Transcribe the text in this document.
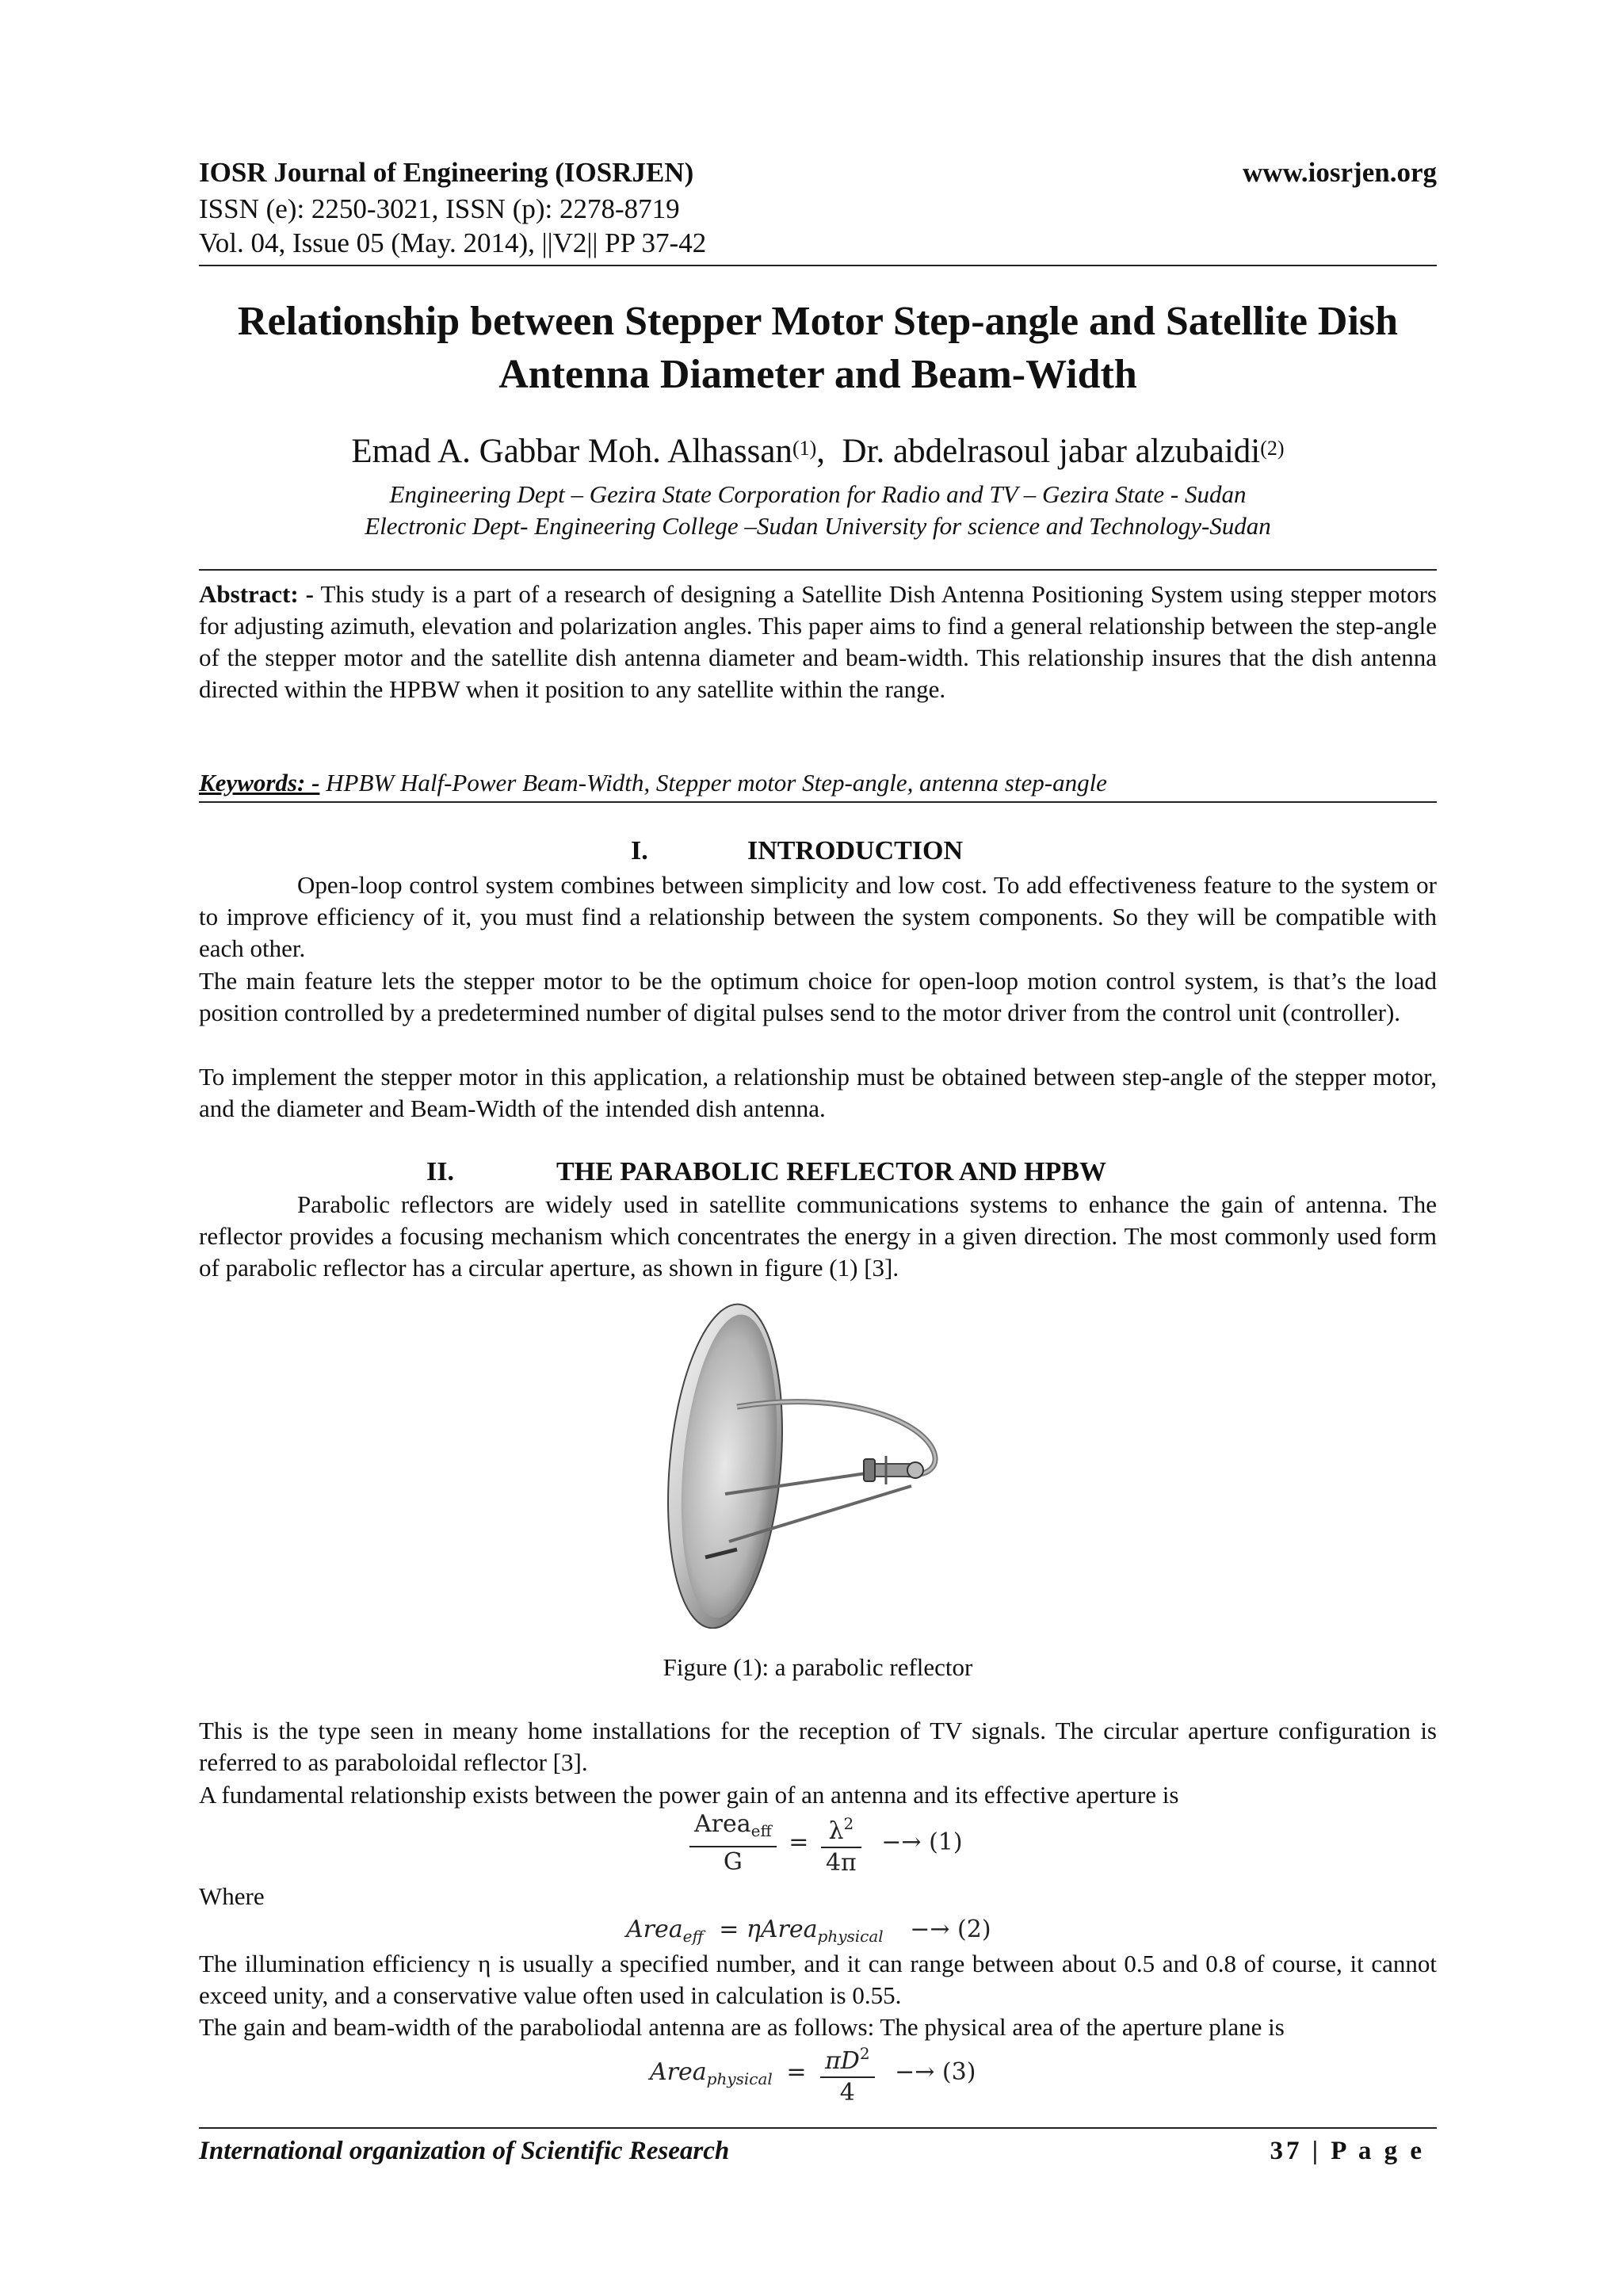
IOSR Journal of Engineering (IOSRJEN)	www.iosrjen.org
ISSN (e): 2250-3021, ISSN (p): 2278-8719
Vol. 04, Issue 05 (May. 2014), ||V2|| PP 37-42
Relationship between Stepper Motor Step-angle and Satellite Dish
Antenna Diameter and Beam-Width
Emad A. Gabbar Moh. Alhassan$^{(1)}$,  Dr. abdelrasoul jabar alzubaidi$^{(2)}$
Engineering Dept – Gezira State Corporation for Radio and TV – Gezira State - Sudan
Electronic Dept- Engineering College –Sudan University for science and Technology-Sudan
Abstract: - This study is a part of a research of designing a Satellite Dish Antenna Positioning System using stepper motors for adjusting azimuth, elevation and polarization angles. This paper aims to find a general relationship between the step-angle of the stepper motor and the satellite dish antenna diameter and beam-width. This relationship insures that the dish antenna directed within the HPBW when it position to any satellite within the range.
Keywords: - HPBW Half-Power Beam-Width, Stepper motor Step-angle, antenna step-angle
I.	INTRODUCTION
Open-loop control system combines between simplicity and low cost. To add effectiveness feature to the system or to improve efficiency of it, you must find a relationship between the system components. So they will be compatible with each other.
The main feature lets the stepper motor to be the optimum choice for open-loop motion control system, is that’s the load position controlled by a predetermined number of digital pulses send to the motor driver from the control unit (controller).
To implement the stepper motor in this application, a relationship must be obtained between step-angle of the stepper motor, and the diameter and Beam-Width of the intended dish antenna.
II.	THE PARABOLIC REFLECTOR AND HPBW
Parabolic reflectors are widely used in satellite communications systems to enhance the gain of antenna. The reflector provides a focusing mechanism which concentrates the energy in a given direction. The most commonly used form of parabolic reflector has a circular aperture, as shown in figure (1) [3].
Figure (1): a parabolic reflector
This is the type seen in meany home installations for the reception of TV signals. The circular aperture configuration is referred to as paraboloidal reflector [3].
A fundamental relationship exists between the power gain of an antenna and its effective aperture is
$\frac{Area_{eff}}{G} = \frac{\lambda^2}{4\pi} -\to (1)$
Where
Area$_{eff}$ = ηArea$_{physical}$ −→ (2)
The illumination efficiency η is usually a specified number, and it can range between about 0.5 and 0.8 of course, it cannot exceed unity, and a conservative value often used in calculation is 0.55.
The gain and beam-width of the paraboliodal antenna are as follows: The physical area of the aperture plane is
Area$_{physical}$ = $\frac{\pi D^2}{4} -\to (3)$
International organization of Scientific Research	37 | P a g e
